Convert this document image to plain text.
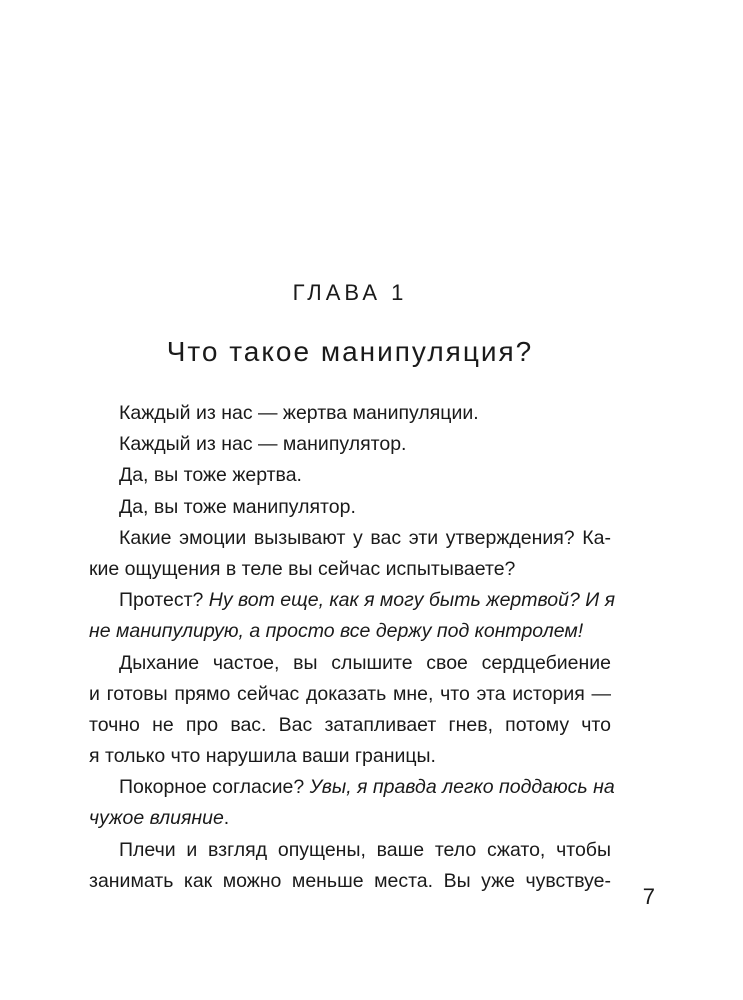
ГЛАВА 1
Что такое манипуляция?
Каждый из нас — жертва манипуляции.
Каждый из нас — манипулятор.
Да, вы тоже жертва.
Да, вы тоже манипулятор.
Какие эмоции вызывают у вас эти утверждения? Ка-
кие ощущения в теле вы сейчас испытываете?
Протест? Ну вот еще, как я могу быть жертвой? И я
не манипулирую, а просто все держу под контролем!
Дыхание частое, вы слышите свое сердцебиение
и готовы прямо сейчас доказать мне, что эта история —
точно не про вас. Вас затапливает гнев, потому что
я только что нарушила ваши границы.
Покорное согласие? Увы, я правда легко поддаюсь на
чужое влияние.
Плечи и взгляд опущены, ваше тело сжато, чтобы
занимать как можно меньше места. Вы уже чувствуе-
7
